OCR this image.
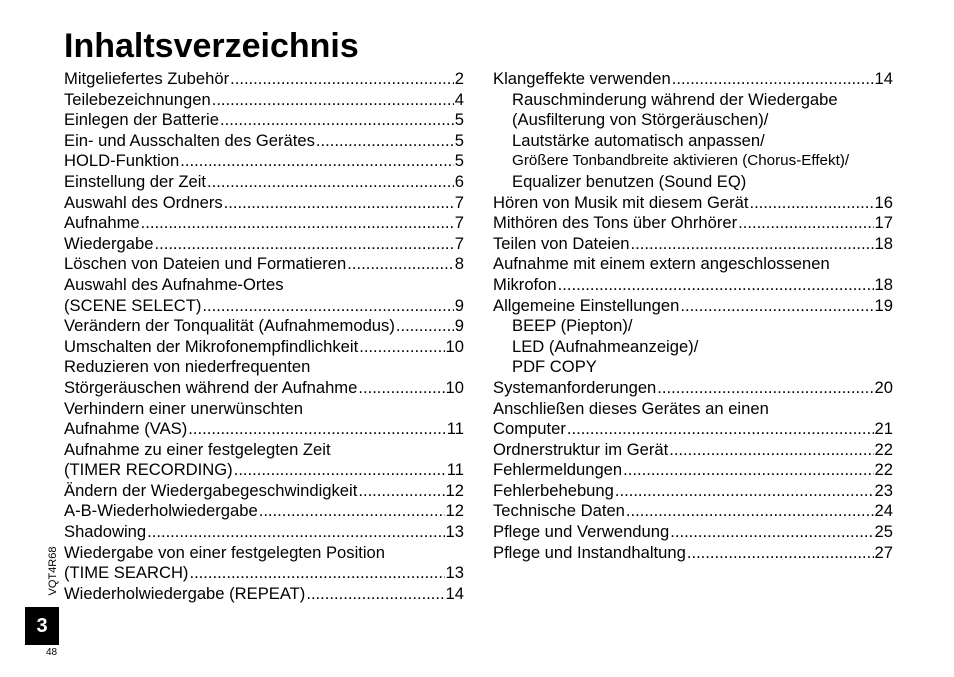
Inhaltsverzeichnis
Mitgeliefertes Zubehör .....	2
Teilebezeichnungen .....	4
Einlegen der Batterie .....	5
Ein- und Ausschalten des Gerätes .....	5
HOLD-Funktion .....	5
Einstellung der Zeit .....	6
Auswahl des Ordners .....	7
Aufnahme .....	7
Wiedergabe .....	7
Löschen von Dateien und Formatieren .....	8
Auswahl des Aufnahme-Ortes
(SCENE SELECT) .....	9
Verändern der Tonqualität (Aufnahmemodus) .....	9
Umschalten der Mikrofonempfindlichkeit .....	10
Reduzieren von niederfrequenten
Störgeräuschen während der Aufnahme .....	10
Verhindern einer unerwünschten
Aufnahme (VAS) .....	11
Aufnahme zu einer festgelegten Zeit
(TIMER RECORDING) .....	11
Ändern der Wiedergabegeschwindigkeit .....	12
A-B-Wiederholwiedergabe .....	12
Shadowing .....	13
Wiedergabe von einer festgelegten Position
(TIME SEARCH) .....	13
Wiederholwiedergabe (REPEAT) .....	14
Klangeffekte verwenden .....	14
Rauschminderung während der Wiedergabe
(Ausfilterung von Störgeräuschen)/
Lautstärke automatisch anpassen/
Größere Tonbandbreite aktivieren (Chorus-Effekt)/
Equalizer benutzen (Sound EQ)
Hören von Musik mit diesem Gerät .....	16
Mithören des Tons über Ohrhörer .....	17
Teilen von Dateien .....	18
Aufnahme mit einem extern angeschlossenen
Mikrofon .....	18
Allgemeine Einstellungen .....	19
BEEP (Piepton)/
LED (Aufnahmeanzeige)/
PDF COPY
Systemanforderungen .....	20
Anschließen dieses Gerätes an einen
Computer .....	21
Ordnerstruktur im Gerät .....	22
Fehlermeldungen .....	22
Fehlerbehebung .....	23
Technische Daten .....	24
Pflege und Verwendung .....	25
Pflege und Instandhaltung .....	27
VQT4R68
3
48
